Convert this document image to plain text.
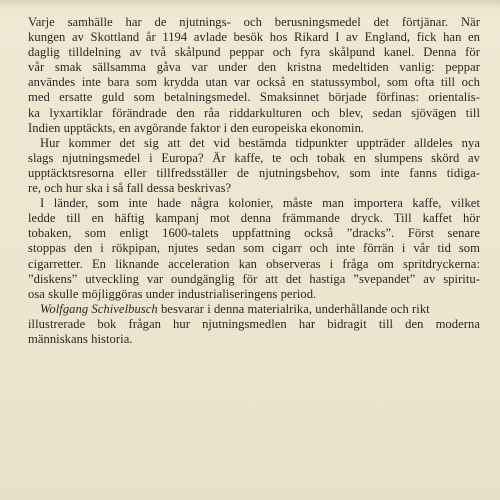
Varje samhälle har de njutnings- och berusningsmedel det förtjänar. När
kungen av Skottland år 1194 avlade besök hos Rikard I av England, fick han en
daglig tilldelning av två skålpund peppar och fyra skålpund kanel. Denna för
vår smak sällsamma gåva var under den kristna medeltiden vanlig: peppar
användes inte bara som krydda utan var också en statussymbol, som ofta till och
med ersatte guld som betalningsmedel. Smaksinnet började förfinas: orientalis-
ka lyxartiklar förändrade den råa riddarkulturen och blev, sedan sjövägen till
Indien upptäckts, en avgörande faktor i den europeiska ekonomin.
Hur kommer det sig att det vid bestämda tidpunkter uppträder alldeles nya
slags njutningsmedel i Europa? Är kaffe, te och tobak en slumpens skörd av
upptäcktsresorna eller tillfredsställer de njutningsbehov, som inte fanns tidiga-
re, och hur ska i så fall dessa beskrivas?
I länder, som inte hade några kolonier, måste man importera kaffe, vilket
ledde till en häftig kampanj mot denna främmande dryck. Till kaffet hör
tobaken, som enligt 1600-talets uppfattning också ”dracks”. Först senare
stoppas den i rökpipan, njutes sedan som cigarr och inte förrän i vår tid som
cigarretter. En liknande acceleration kan observeras i fråga om spritdryckerna:
”diskens” utveckling var oundgänglig för att det hastiga ”svepandet” av spiritu-
osa skulle möjliggöras under industrialiseringens period.
Wolfgang Schivelbusch besvarar i denna materialrika, underhållande och rikt
illustrerade bok frågan hur njutningsmedlen har bidragit till den moderna
människans historia.
